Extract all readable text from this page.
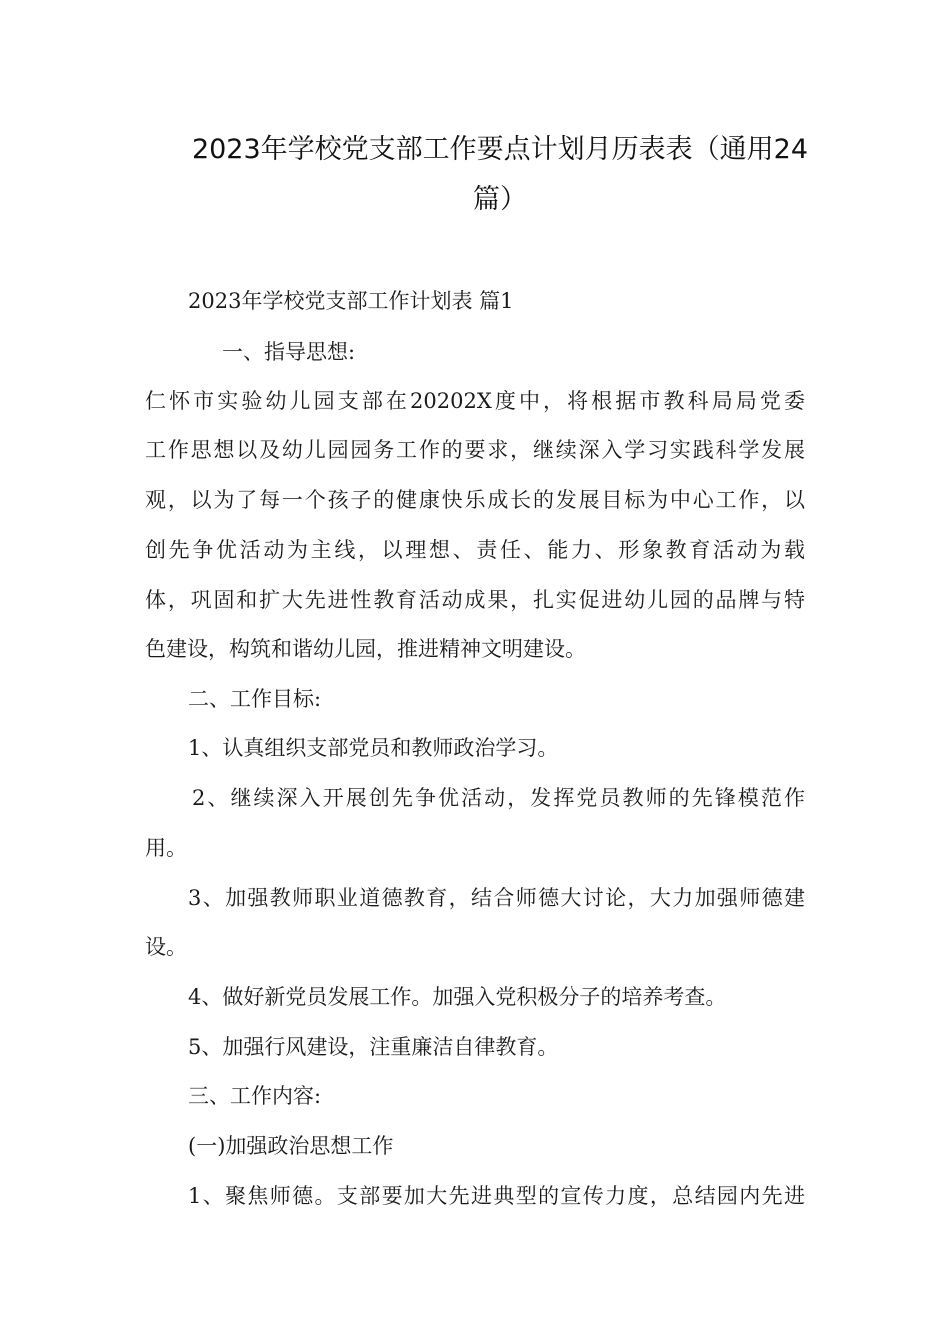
2023年学校党支部工作要点计划月历表表（通用24
篇）
2023年学校党支部工作计划表 篇1
一、指导思想:
仁怀市实验幼儿园支部在20202X度中，将根据市教科局局党委
工作思想以及幼儿园园务工作的要求，继续深入学习实践科学发展
观，以为了每一个孩子的健康快乐成长的发展目标为中心工作，以
创先争优活动为主线，以理想、责任、能力、形象教育活动为载
体，巩固和扩大先进性教育活动成果，扎实促进幼儿园的品牌与特
色建设，构筑和谐幼儿园，推进精神文明建设。
二、工作目标:
1、认真组织支部党员和教师政治学习。
2、继续深入开展创先争优活动，发挥党员教师的先锋模范作
用。
3、加强教师职业道德教育，结合师德大讨论，大力加强师德建
设。
4、做好新党员发展工作。加强入党积极分子的培养考查。
5、加强行风建设，注重廉洁自律教育。
三、工作内容:
(一)加强政治思想工作
1、聚焦师德。支部要加大先进典型的宣传力度，总结园内先进
